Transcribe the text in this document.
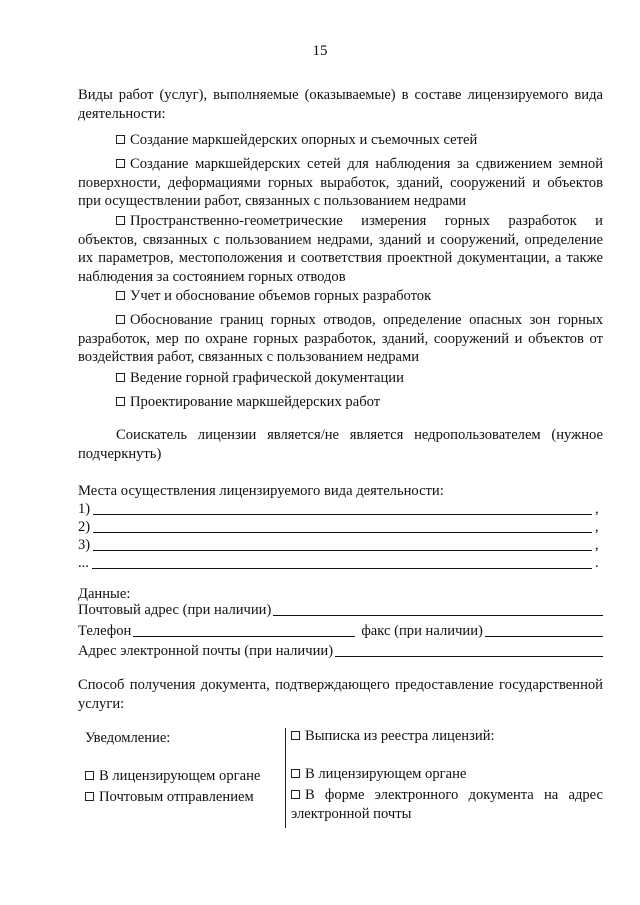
15
Виды работ (услуг), выполняемые (оказываемые) в составе лицензируемого вида деятельности:
Создание маркшейдерских опорных и съемочных сетей
Создание маркшейдерских сетей для наблюдения за сдвижением земной поверхности, деформациями горных выработок, зданий, сооружений и объектов при осуществлении работ, связанных с пользованием недрами
Пространственно-геометрические измерения горных разработок и объектов, связанных с пользованием недрами, зданий и сооружений, определение их параметров, местоположения и соответствия проектной документации, а также наблюдения за состоянием горных отводов
Учет и обоснование объемов горных разработок
Обоснование границ горных отводов, определение опасных зон горных разработок, мер по охране горных разработок, зданий, сооружений и объектов от воздействия работ, связанных с пользованием недрами
Ведение горной графической документации
Проектирование маркшейдерских работ
Соискатель лицензии является/не является недропользователем (нужное подчеркнуть)
Места осуществления лицензируемого вида деятельности:
1)	,
2)	,
3)	,
...	.
Данные:
Почтовый адрес (при наличии)
Телефон	факс (при наличии)
Адрес электронной почты (при наличии)
Способ получения документа, подтверждающего предоставление государственной услуги:
Уведомление:
В лицензирующем органе
Почтовым отправлением
Выписка из реестра лицензий:
В лицензирующем органе
В форме электронного документа на адрес электронной почты
